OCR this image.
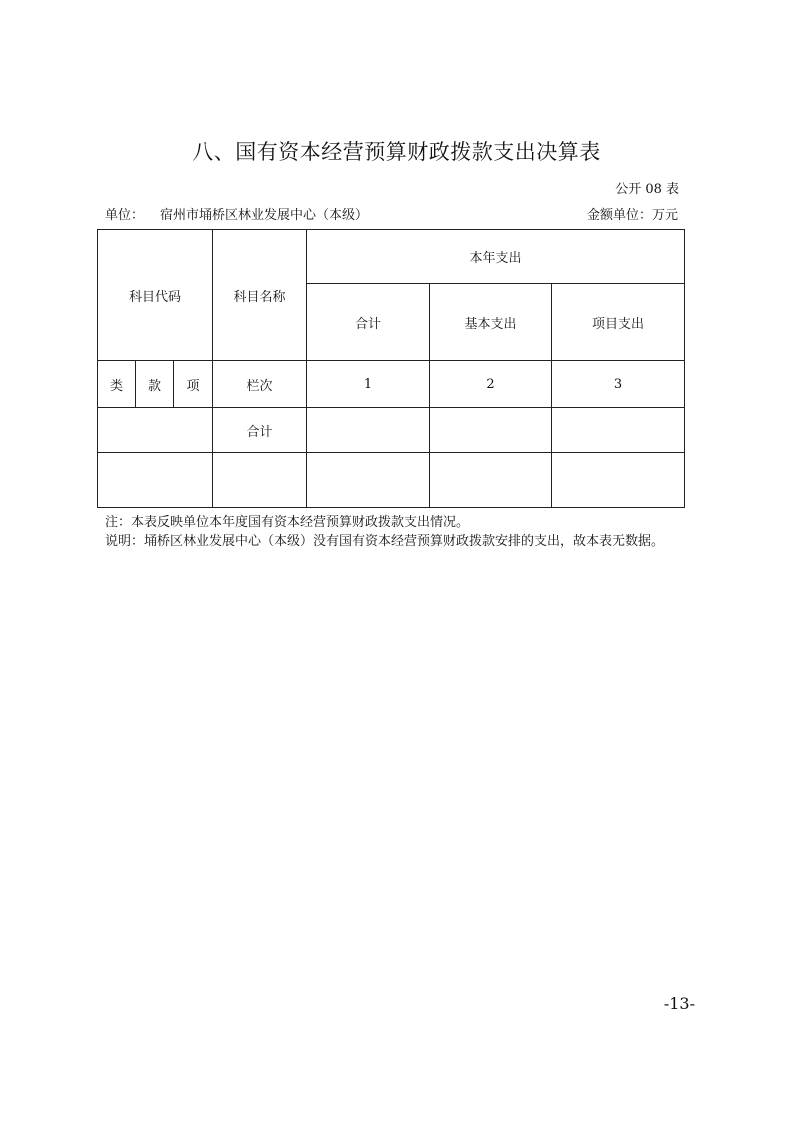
八、国有资本经营预算财政拨款支出决算表
公开 08 表
单位： 宿州市埇桥区林业发展中心（本级）	金额单位：万元
科目代码			科目名称	本年支出		
				合计	基本支出	项目支出
类	款	项	栏次	1	2	3
			合计			

注：本表反映单位本年度国有资本经营预算财政拨款支出情况。

说明：埇桥区林业发展中心（本级）没有国有资本经营预算财政拨款安排的支出，故本表无数据。

-13-
